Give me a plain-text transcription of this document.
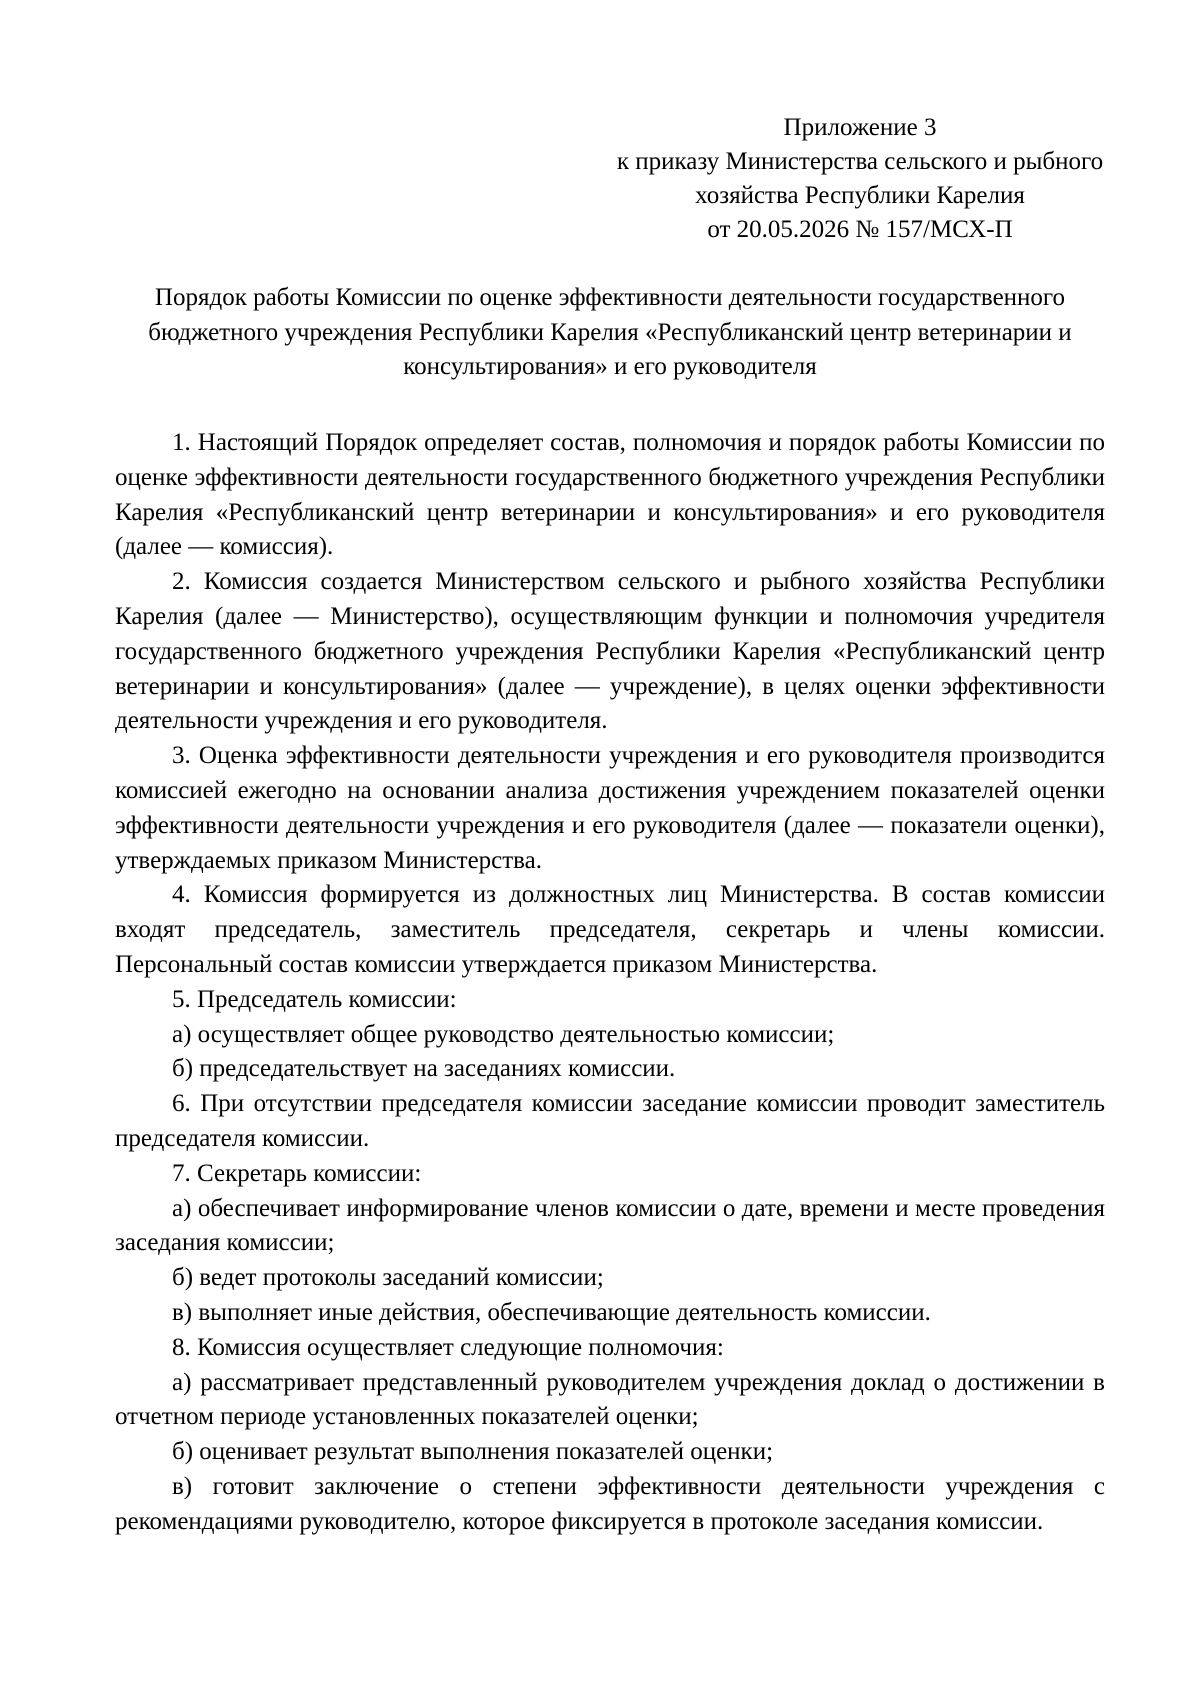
Приложение 3
к приказу Министерства сельского и рыбного
хозяйства Республики Карелия
от 20.05.2026 № 157/МСХ-П
Порядок работы Комиссии по оценке эффективности деятельности государственного
бюджетного учреждения Республики Карелия «Республиканский центр ветеринарии и
консультирования» и его руководителя

1. Настоящий Порядок определяет состав, полномочия и порядок работы Комиссии по оценке эффективности деятельности государственного бюджетного учреждения Республики Карелия «Республиканский центр ветеринарии и консультирования» и его руководителя (далее — комиссия).

2. Комиссия создается Министерством сельского и рыбного хозяйства Республики Карелия (далее — Министерство), осуществляющим функции и полномочия учредителя государственного бюджетного учреждения Республики Карелия «Республиканский центр ветеринарии и консультирования» (далее — учреждение), в целях оценки эффективности деятельности учреждения и его руководителя.

3. Оценка эффективности деятельности учреждения и его руководителя производится комиссией ежегодно на основании анализа достижения учреждением показателей оценки эффективности деятельности учреждения и его руководителя (далее — показатели оценки), утверждаемых приказом Министерства.

4. Комиссия формируется из должностных лиц Министерства. В состав комиссии входят председатель, заместитель председателя, секретарь и члены комиссии. Персональный состав комиссии утверждается приказом Министерства.

5. Председатель комиссии:

а) осуществляет общее руководство деятельностью комиссии;

б) председательствует на заседаниях комиссии.

6. При отсутствии председателя комиссии заседание комиссии проводит заместитель председателя комиссии.

7. Секретарь комиссии:

а) обеспечивает информирование членов комиссии о дате, времени и месте проведения заседания комиссии;

б) ведет протоколы заседаний комиссии;

в) выполняет иные действия, обеспечивающие деятельность комиссии.

8. Комиссия осуществляет следующие полномочия:

а) рассматривает представленный руководителем учреждения доклад о достижении в отчетном периоде установленных показателей оценки;

б) оценивает результат выполнения показателей оценки;

в) готовит заключение о степени эффективности деятельности учреждения с рекомендациями руководителю, которое фиксируется в протоколе заседания комиссии.
